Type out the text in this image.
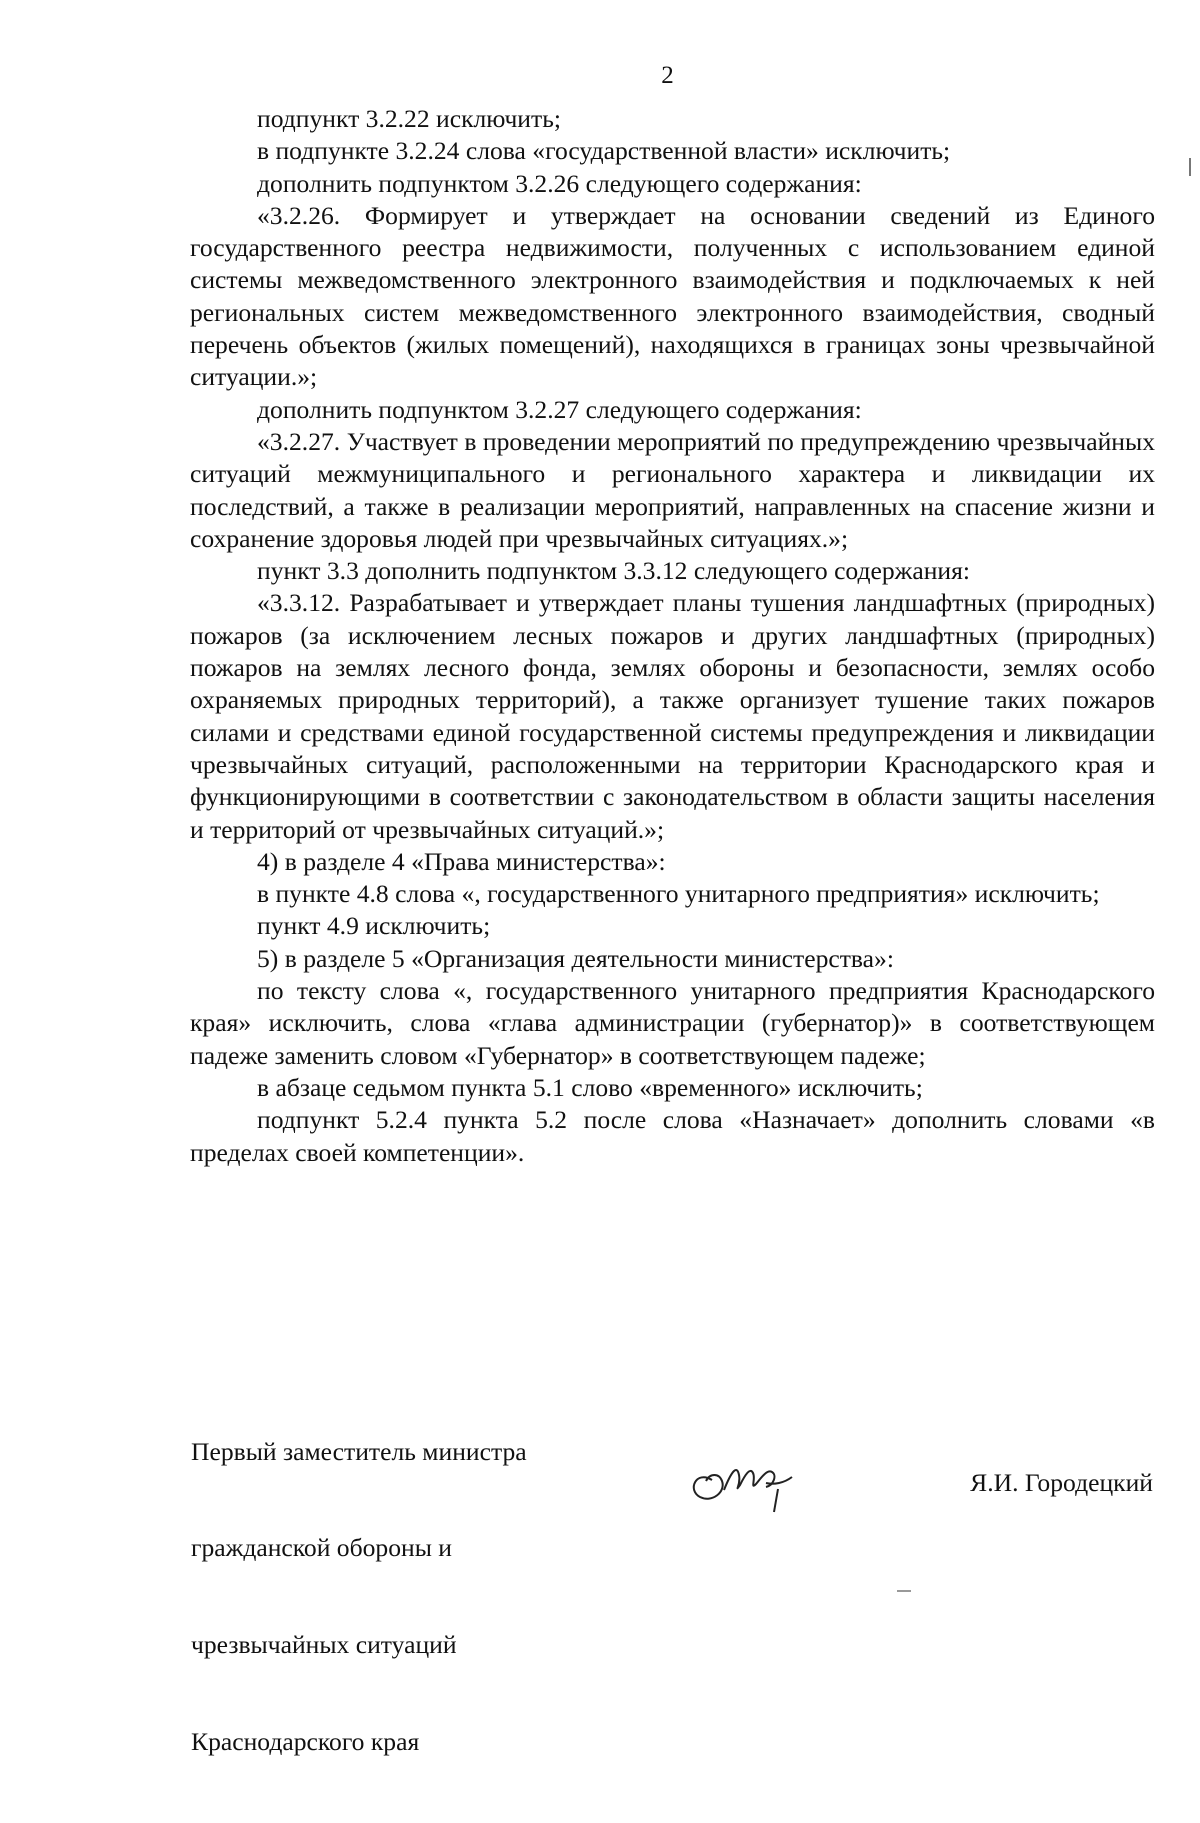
2

подпункт 3.2.22 исключить;

в подпункте 3.2.24 слова «государственной власти» исключить;

дополнить подпунктом 3.2.26 следующего содержания:

«3.2.26. Формирует и утверждает на основании сведений из Единого государственного реестра недвижимости, полученных с использованием единой системы межведомственного электронного взаимодействия и подключаемых к ней региональных систем межведомственного электронного взаимодействия, сводный перечень объектов (жилых помещений), находящихся в границах зоны чрезвычайной ситуации.»;

дополнить подпунктом 3.2.27 следующего содержания:

«3.2.27. Участвует в проведении мероприятий по предупреждению чрезвычайных ситуаций межмуниципального и регионального характера и ликвидации их последствий, а также в реализации мероприятий, направленных на спасение жизни и сохранение здоровья людей при чрезвычайных ситуациях.»;

пункт 3.3 дополнить подпунктом 3.3.12 следующего содержания:

«3.3.12. Разрабатывает и утверждает планы тушения ландшафтных (природных) пожаров (за исключением лесных пожаров и других ландшафтных (природных) пожаров на землях лесного фонда, землях обороны и безопасности, землях особо охраняемых природных территорий), а также организует тушение таких пожаров силами и средствами единой государственной системы предупреждения и ликвидации чрезвычайных ситуаций, расположенными на территории Краснодарского края и функционирующими в соответствии с законодательством в области защиты населения и территорий от чрезвычайных ситуаций.»;

4) в разделе 4 «Права министерства»:

в пункте 4.8 слова «, государственного унитарного предприятия» исключить;

пункт 4.9 исключить;

5) в разделе 5 «Организация деятельности министерства»:

по тексту слова «, государственного унитарного предприятия Краснодарского края» исключить, слова «глава администрации (губернатор)» в соответствующем падеже заменить словом «Губернатор» в соответствующем падеже;

в абзаце седьмом пункта 5.1 слово «временного» исключить;

подпункт 5.2.4 пункта 5.2 после слова «Назначает» дополнить словами «в пределах своей компетенции».

Первый заместитель министра

гражданской обороны и

чрезвычайных ситуаций

Краснодарского края

Я.И. Городецкий
